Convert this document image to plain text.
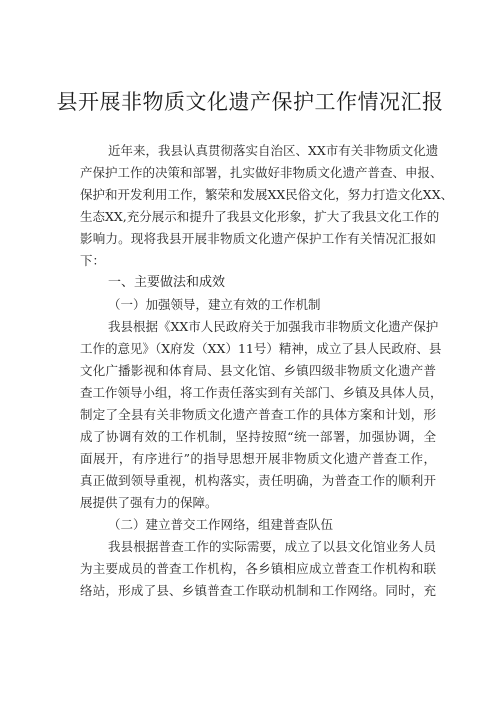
县开展非物质文化遗产保护工作情况汇报
近年来，我县认真贯彻落实自治区、XX市有关非物质文化遗
产保护工作的决策和部署，扎实做好非物质文化遗产普查、申报、
保护和开发利用工作，繁荣和发展XX民俗文化，努力打造文化XX、
生态XX,充分展示和提升了我县文化形象，扩大了我县文化工作的
影响力。现将我县开展非物质文化遗产保护工作有关情况汇报如
下：
一、主要做法和成效
（一）加强领导，建立有效的工作机制
我县根据《XX市人民政府关于加强我市非物质文化遗产保护
工作的意见》（X府发（XX）11号）精神，成立了县人民政府、县
文化广播影视和体育局、县文化馆、乡镇四级非物质文化遗产普
查工作领导小组，将工作责任落实到有关部门、乡镇及具体人员，
制定了全县有关非物质文化遗产普查工作的具体方案和计划，形
成了协调有效的工作机制，坚持按照“统一部署，加强协调，全
面展开，有序进行”的指导思想开展非物质文化遗产普查工作，
真正做到领导重视，机构落实，责任明确，为普查工作的顺利开
展提供了强有力的保障。
（二）建立普交工作网络，组建普查队伍
我县根据普查工作的实际需要，成立了以县文化馆业务人员
为主要成员的普查工作机构，各乡镇相应成立普查工作机构和联
络站，形成了县、乡镇普查工作联动机制和工作网络。同时，充
